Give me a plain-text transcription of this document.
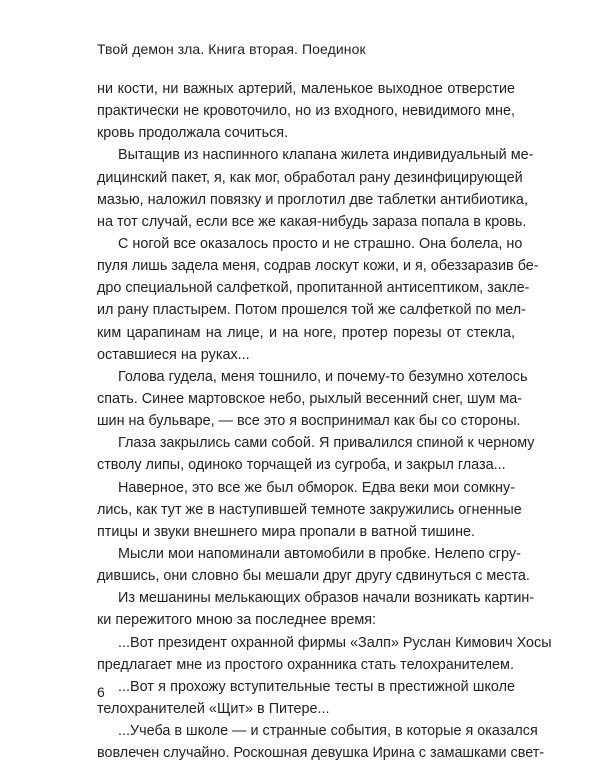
Твой демон зла. Книга вторая. Поединок
ни кости, ни важных артерий, маленькое выходное отверстие
практически не кровоточило, но из входного, невидимого мне,
кровь продолжала сочиться.
Вытащив из наспинного клапана жилета индивидуальный ме-
дицинский пакет, я, как мог, обработал рану дезинфицирующей
мазью, наложил повязку и проглотил две таблетки антибиотика,
на тот случай, если все же какая-нибудь зараза попала в кровь.
С ногой все оказалось просто и не страшно. Она болела, но
пуля лишь задела меня, содрав лоскут кожи, и я, обеззаразив бе-
дро специальной салфеткой, пропитанной антисептиком, закле-
ил рану пластырем. Потом прошелся той же салфеткой по мел-
ким царапинам на лице, и на ноге, протер порезы от стекла,
оставшиеся на руках...
Голова гудела, меня тошнило, и почему-то безумно хотелось
спать. Синее мартовское небо, рыхлый весенний снег, шум ма-
шин на бульваре, — все это я воспринимал как бы со стороны.
Глаза закрылись сами собой. Я привалился спиной к черному
стволу липы, одиноко торчащей из сугроба, и закрыл глаза...
Наверное, это все же был обморок. Едва веки мои сомкну-
лись, как тут же в наступившей темноте закружились огненные
птицы и звуки внешнего мира пропали в ватной тишине.
Мысли мои напоминали автомобили в пробке. Нелепо сгру-
дившись, они словно бы мешали друг другу сдвинуться с места.
Из мешанины мелькающих образов начали возникать картин-
ки пережитого мною за последнее время:
...Вот президент охранной фирмы «Залп» Руслан Кимович Хосы
предлагает мне из простого охранника стать телохранителем.
...Вот я прохожу вступительные тесты в престижной школе
телохранителей «Щит» в Питере...
...Учеба в школе — и странные события, в которые я оказался
вовлечен случайно. Роскошная девушка Ирина с замашками свет-
6
